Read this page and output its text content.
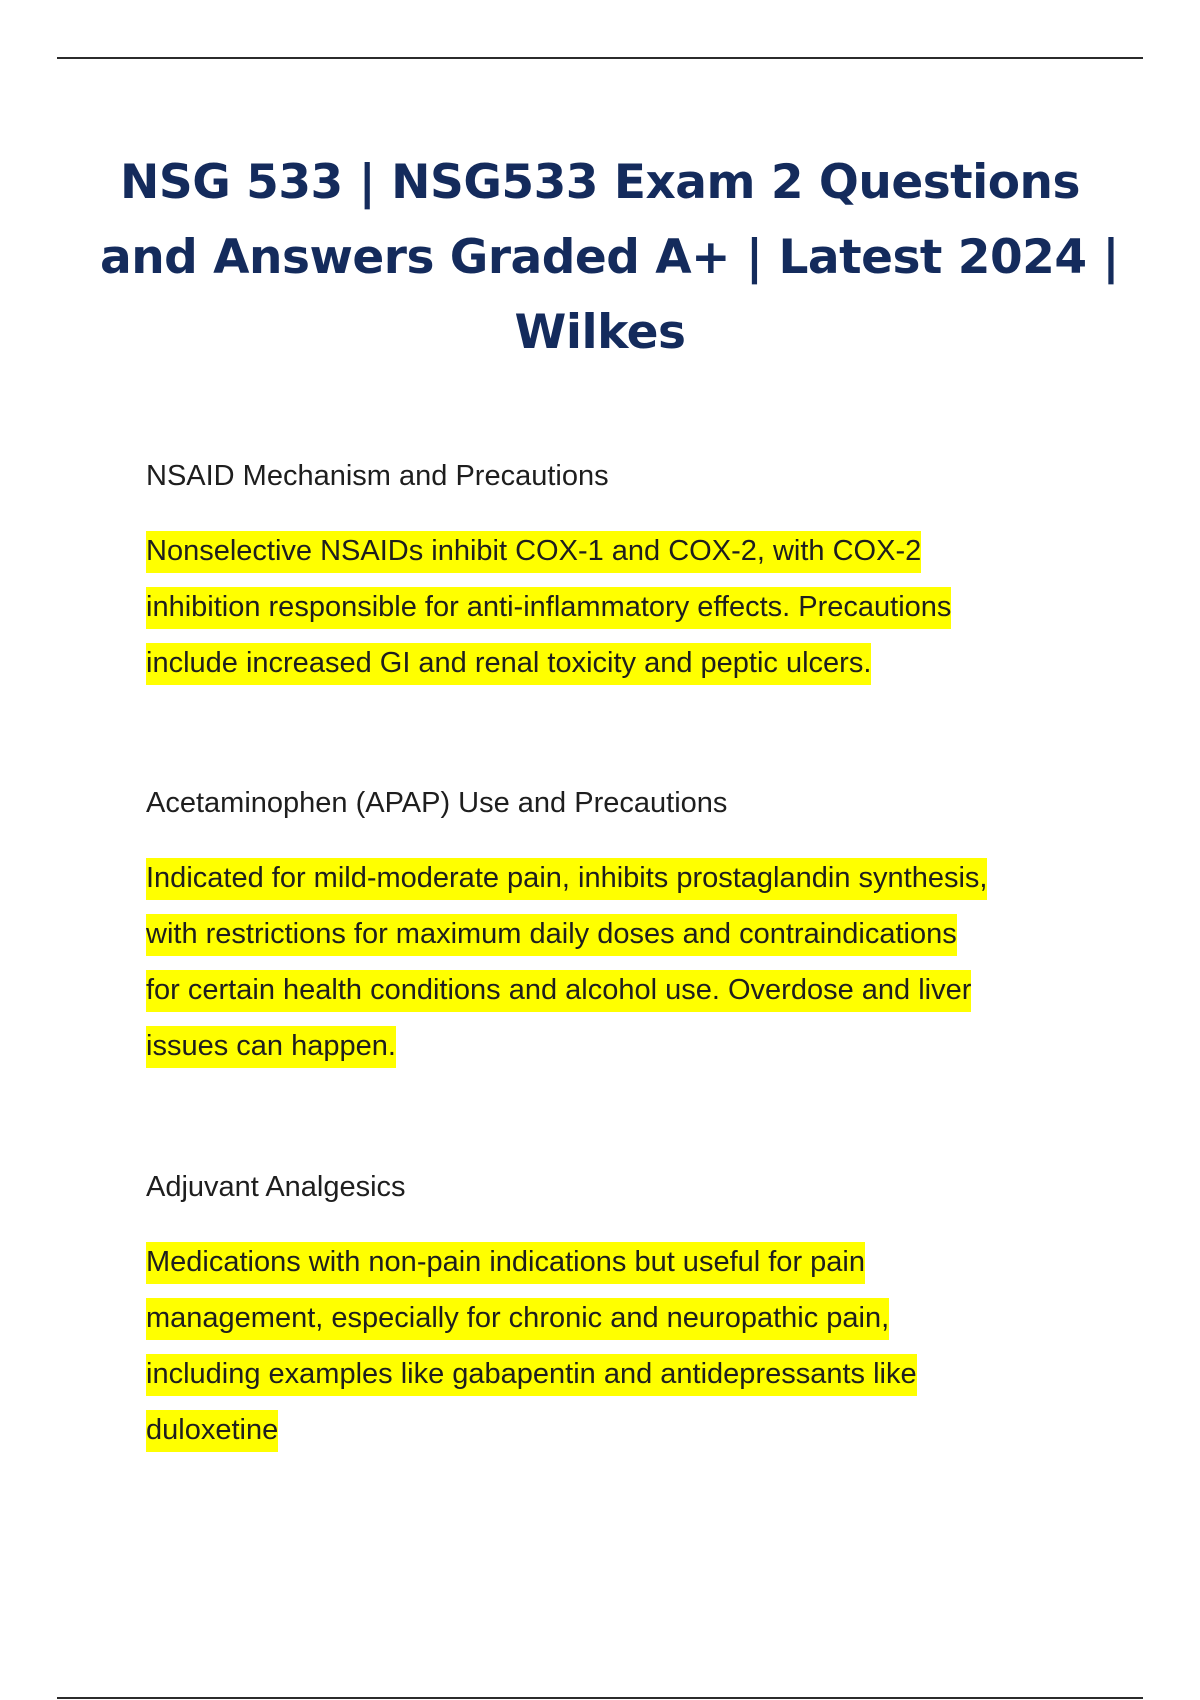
NSG 533 | NSG533 Exam 2 Questions
and Answers Graded A+ | Latest 2024 |
Wilkes

NSAID Mechanism and Precautions

Nonselective NSAIDs inhibit COX-1 and COX-2, with COX-2
inhibition responsible for anti-inflammatory effects. Precautions
include increased GI and renal toxicity and peptic ulcers.

Acetaminophen (APAP) Use and Precautions

Indicated for mild-moderate pain, inhibits prostaglandin synthesis,
with restrictions for maximum daily doses and contraindications
for certain health conditions and alcohol use. Overdose and liver
issues can happen.

Adjuvant Analgesics

Medications with non-pain indications but useful for pain
management, especially for chronic and neuropathic pain,
including examples like gabapentin and antidepressants like
duloxetine
